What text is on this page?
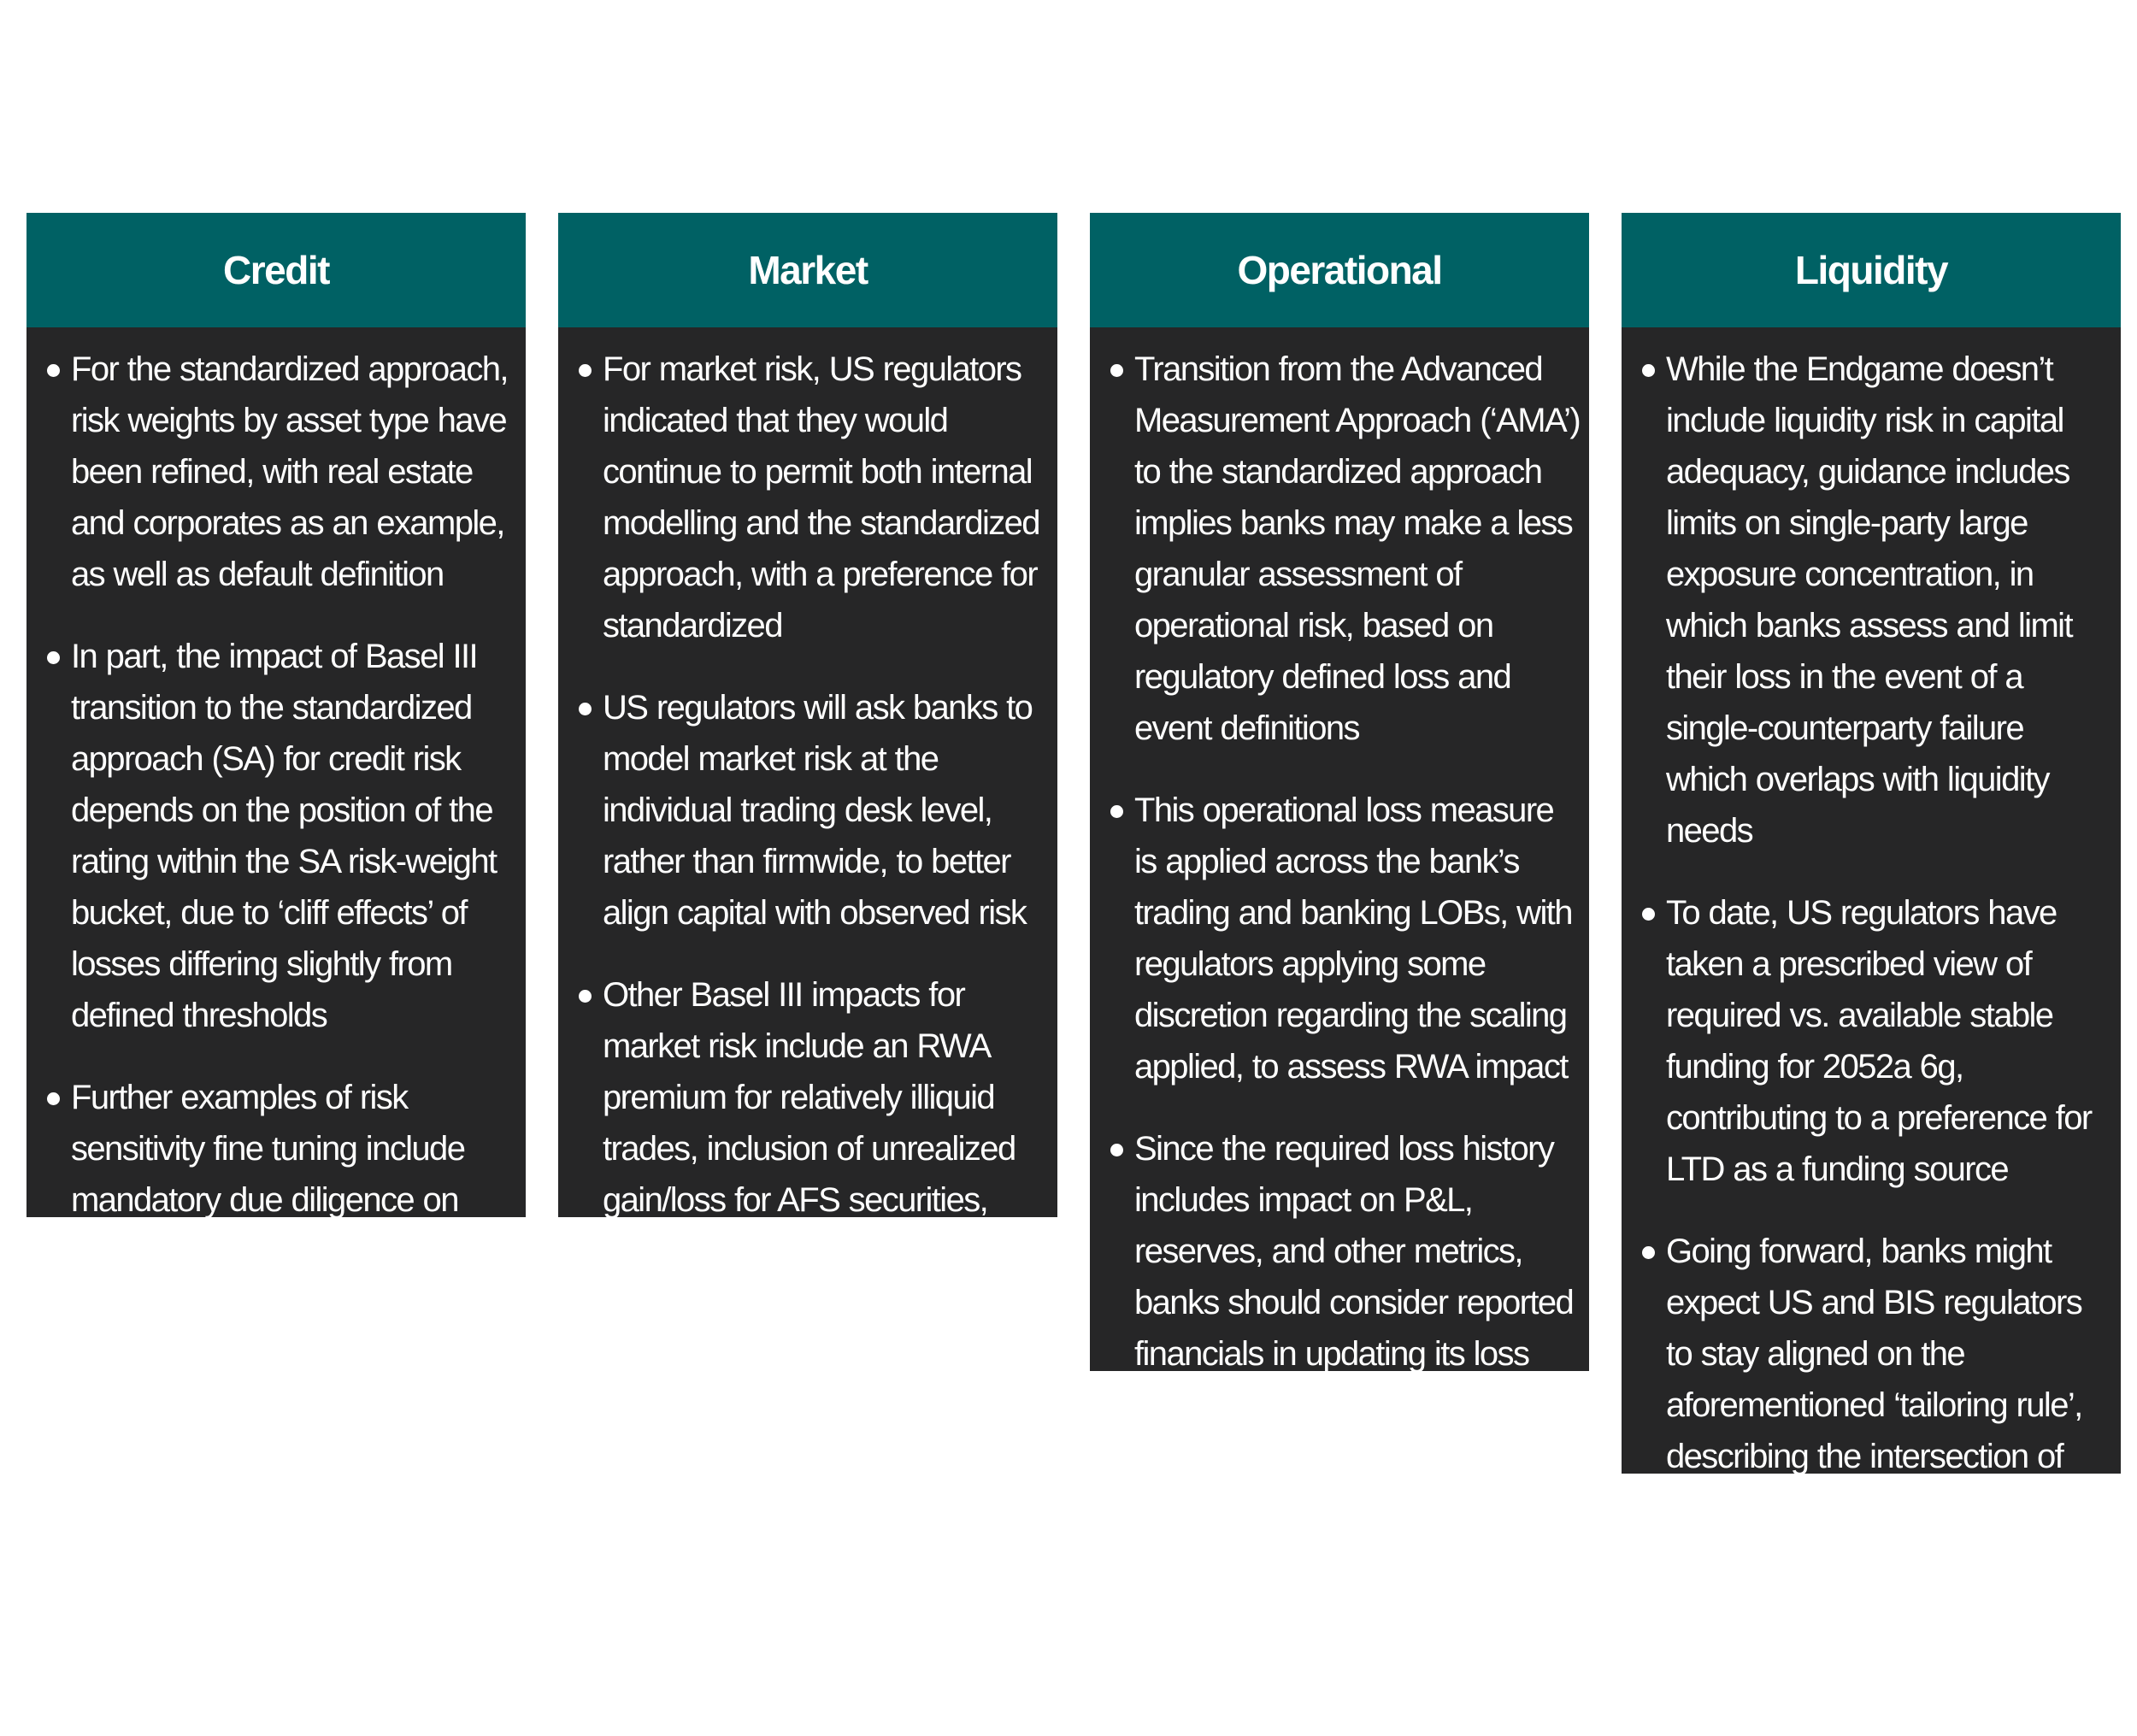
Credit
For the standardized approach, risk weights by asset type have been refined, with real estate and corporates as an example, as well as default definition
In part, the impact of Basel III transition to the standardized approach (SA) for credit risk depends on the position of the rating within the SA risk-weight bucket, due to ‘cliff effects’ of losses differing slightly from defined thresholds
Further examples of risk sensitivity fine tuning include mandatory due diligence on ratings assignment and granulated treatment of unrated bank exposures
Market
For market risk, US regulators indicated that they would continue to permit both internal modelling and the standardized approach, with a preference for standardized
US regulators will ask banks to model market risk at the individual trading desk level, rather than firmwide, to better align capital with observed risk
Other Basel III impacts for market risk include an RWA premium for relatively illiquid trades, inclusion of unrealized gain/loss for AFS securities, and applicability to sub $100b banks with significant trading operations
Operational
Transition from the Advanced Measurement Approach (‘AMA’) to the standardized approach implies banks may make a less granular assessment of operational risk, based on regulatory defined loss and event definitions
This operational loss measure is applied across the bank’s trading and banking LOBs, with regulators applying some discretion regarding the scaling applied, to assess RWA impact
Since the required loss history includes impact on P&L, reserves, and other metrics, banks should consider reported financials in updating its loss history consistent with these metrics
Liquidity
While the Endgame doesn’t include liquidity risk in capital adequacy, guidance includes limits on single-party large exposure concentration, in which banks assess and limit their loss in the event of a single-counterparty failure which overlaps with liquidity needs
To date, US regulators have taken a prescribed view of required vs. available stable funding for 2052a 6g, contributing to a preference for LTD as a funding source
Going forward, banks might expect US and BIS regulators to stay aligned on the aforementioned ‘tailoring rule’, describing the intersection of capital and liquidity, as they consider growth and revenue targets
